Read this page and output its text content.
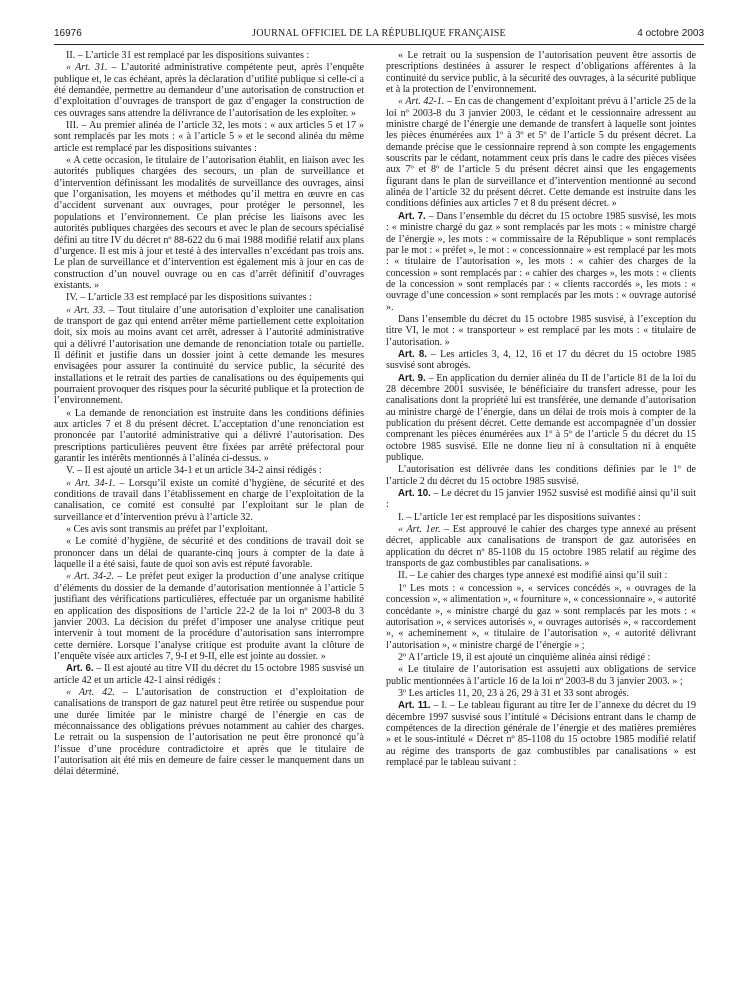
16976	JOURNAL OFFICIEL DE LA RÉPUBLIQUE FRANÇAISE	4 octobre 2003

II. – L’article 31 est remplacé par les dispositions suivantes :

« Art. 31. – L’autorité administrative compétente peut, après l’enquête publique et, le cas échéant, après la déclaration d’utilité publique si celle-ci a été demandée, permettre au demandeur d’une autorisation de construction et d’exploitation d’ouvrages de transport de gaz d’engager la construction de ces ouvrages sans attendre la délivrance de l’autorisation de les exploiter. »

III. – Au premier alinéa de l’article 32, les mots : « aux articles 5 et 17 » sont remplacés par les mots : « à l’article 5 » et le second alinéa du même article est remplacé par les dispositions suivantes :

« A cette occasion, le titulaire de l’autorisation établit, en liaison avec les autorités publiques chargées des secours, un plan de surveillance et d’intervention définissant les modalités de surveillance des ouvrages, ainsi que l’organisation, les moyens et méthodes qu’il mettra en œuvre en cas d’accident survenant aux ouvrages, pour protéger le personnel, les populations et l’environnement. Ce plan précise les liaisons avec les autorités publiques chargées des secours et avec le plan de secours spécialisé défini au titre IV du décret nº 88-622 du 6 mai 1988 modifié relatif aux plans d’urgence. Il est mis à jour et testé à des intervalles n’excédant pas trois ans. Le plan de surveillance et d’intervention est également mis à jour en cas de construction d’un nouvel ouvrage ou en cas d’arrêt définitif d’ouvrages existants. »

IV. – L’article 33 est remplacé par les dispositions suivantes :

« Art. 33. – Tout titulaire d’une autorisation d’exploiter une canalisation de transport de gaz qui entend arrêter même partiellement cette exploitation doit, six mois au moins avant cet arrêt, adresser à l’autorité administrative qui a délivré l’autorisation une demande de renonciation totale ou partielle. Il définit et justifie dans un dossier joint à cette demande les mesures envisagées pour assurer la continuité du service public, la sécurité des installations et le retrait des parties de canalisations ou des équipements qui pourraient provoquer des risques pour la sécurité publique et la protection de l’environnement.

« La demande de renonciation est instruite dans les conditions définies aux articles 7 et 8 du présent décret. L’acceptation d’une renonciation est prononcée par l’autorité administrative qui a délivré l’autorisation. Des prescriptions particulières peuvent être fixées par arrêté préfectoral pour garantir les intérêts mentionnés à l’alinéa ci-dessus. »

V. – Il est ajouté un article 34-1 et un article 34-2 ainsi rédigés :

« Art. 34-1. – Lorsqu’il existe un comité d’hygiène, de sécurité et des conditions de travail dans l’établissement en charge de l’exploitation de la canalisation, ce comité est consulté par l’exploitant sur le plan de surveillance et d’intervention prévu à l’article 32.

« Ces avis sont transmis au préfet par l’exploitant.

« Le comité d’hygiène, de sécurité et des conditions de travail doit se prononcer dans un délai de quarante-cinq jours à compter de la date à laquelle il a été saisi, faute de quoi son avis est réputé favorable.

« Art. 34-2. – Le préfet peut exiger la production d’une analyse critique d’éléments du dossier de la demande d’autorisation mentionnée à l’article 5 justifiant des vérifications particulières, effectuée par un organisme habilité en application des dispositions de l’article 22-2 de la loi nº 2003-8 du 3 janvier 2003. La décision du préfet d’imposer une analyse critique peut intervenir à tout moment de la procédure d’autorisation sans interrompre cette dernière. Lorsque l’analyse critique est produite avant la clôture de l’enquête visée aux articles 7, 9-I et 9-II, elle est jointe au dossier. »

Art. 6. – Il est ajouté au titre VII du décret du 15 octobre 1985 susvisé un article 42 et un article 42-1 ainsi rédigés :

« Art. 42. – L’autorisation de construction et d’exploitation de canalisations de transport de gaz naturel peut être retirée ou suspendue pour une durée limitée par le ministre chargé de l’énergie en cas de méconnaissance des obligations prévues notamment au cahier des charges. Le retrait ou la suspension de l’autorisation ne peut être prononcé qu’à l’issue d’une procédure contradictoire et après que le titulaire de l’autorisation ait été mis en demeure de faire cesser le manquement dans un délai déterminé.

« Le retrait ou la suspension de l’autorisation peuvent être assortis de prescriptions destinées à assurer le respect d’obligations afférentes à la continuité du service public, à la sécurité des ouvrages, à la sécurité publique et à la protection de l’environnement.

« Art. 42-1. – En cas de changement d’exploitant prévu à l’article 25 de la loi nº 2003-8 du 3 janvier 2003, le cédant et le cessionnaire adressent au ministre chargé de l’énergie une demande de transfert à laquelle sont jointes les pièces énumérées aux 1º à 3º et 5º de l’article 5 du présent décret. La demande précise que le cessionnaire reprend à son compte les engagements souscrits par le cédant, notamment ceux pris dans le cadre des pièces visées aux 7º et 8º de l’article 5 du présent décret ainsi que les engagements figurant dans le plan de surveillance et d’intervention mentionné au second alinéa de l’article 32 du présent décret. Cette demande est instruite dans les conditions définies aux articles 7 et 8 du présent décret. »

Art. 7. – Dans l’ensemble du décret du 15 octobre 1985 susvisé, les mots : « ministre chargé du gaz » sont remplacés par les mots : « ministre chargé de l’énergie », les mots : « commissaire de la République » sont remplacés par le mot : « préfet », le mot : « concessionnaire » est remplacé par les mots : « titulaire de l’autorisation », les mots : « cahier des charges de la concession » sont remplacés par : « cahier des charges », les mots : « clients de la concession » sont remplacés par : « clients raccordés », les mots : « ouvrage d’une concession » sont remplacés par les mots : « ouvrage autorisé ».

Dans l’ensemble du décret du 15 octobre 1985 susvisé, à l’exception du titre VI, le mot : « transporteur » est remplacé par les mots : « titulaire de l’autorisation. »

Art. 8. – Les articles 3, 4, 12, 16 et 17 du décret du 15 octobre 1985 susvisé sont abrogés.

Art. 9. – En application du dernier alinéa du II de l’article 81 de la loi du 28 décembre 2001 susvisée, le bénéficiaire du transfert adresse, pour les canalisations dont la propriété lui est transférée, une demande d’autorisation au ministre chargé de l’énergie, dans un délai de trois mois à compter de la publication du présent décret. Cette demande est accompagnée d’un dossier comprenant les pièces énumérées aux 1º à 5º de l’article 5 du décret du 15 octobre 1985 susvisé. Elle ne donne lieu ni à consultation ni à enquête publique.

L’autorisation est délivrée dans les conditions définies par le 1º de l’article 2 du décret du 15 octobre 1985 susvisé.

Art. 10. – Le décret du 15 janvier 1952 susvisé est modifié ainsi qu’il suit :

I. – L’article 1er est remplacé par les dispositions suivantes :

« Art. 1er. – Est approuvé le cahier des charges type annexé au présent décret, applicable aux canalisations de transport de gaz autorisées en application du décret nº 85-1108 du 15 octobre 1985 relatif au régime des transports de gaz combustibles par canalisations. »

II. – Le cahier des charges type annexé est modifié ainsi qu’il suit :

1º Les mots : « concession », « services concédés », « ouvrages de la concession », « alimentation », « fourniture », « concessionnaire », « autorité concédante », « ministre chargé du gaz » sont remplacés par les mots : « autorisation », « services autorisés », « ouvrages autorisés », « raccordement », « acheminement », « titulaire de l’autorisation », « autorité délivrant l’autorisation », « ministre chargé de l’énergie » ;

2º A l’article 19, il est ajouté un cinquième alinéa ainsi rédigé :

« Le titulaire de l’autorisation est assujetti aux obligations de service public mentionnées à l’article 16 de la loi nº 2003-8 du 3 janvier 2003. » ;

3º Les articles 11, 20, 23 à 26, 29 à 31 et 33 sont abrogés.

Art. 11. – I. – Le tableau figurant au titre Ier de l’annexe du décret du 19 décembre 1997 susvisé sous l’intitulé « Décisions entrant dans le champ de compétences de la direction générale de l’énergie et des matières premières » et le sous-intitulé « Décret nº 85-1108 du 15 octobre 1985 modifié relatif au régime des transports de gaz combustibles par canalisations » est remplacé par le tableau suivant :
